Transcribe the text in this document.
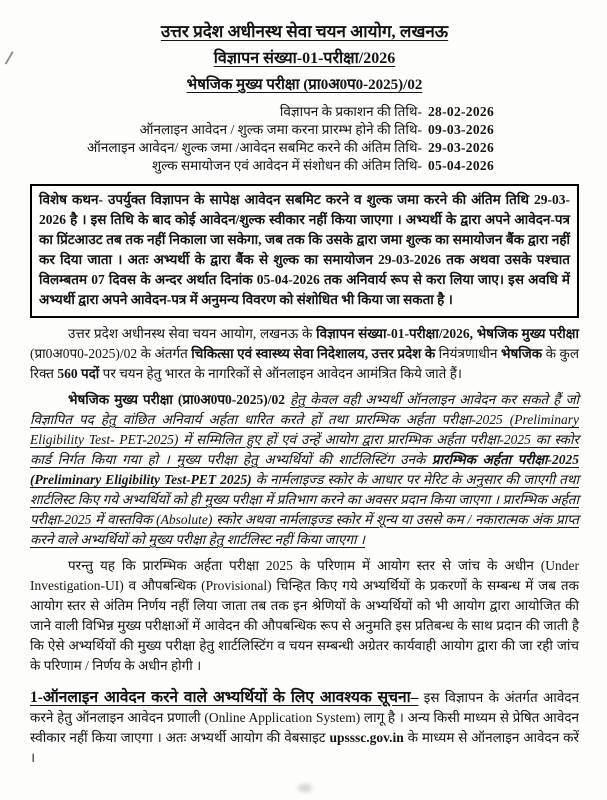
उत्तर प्रदेश अधीनस्थ सेवा चयन आयोग, लखनऊ
विज्ञापन संख्या-01-परीक्षा/2026
भेषजिक मुख्य परीक्षा (प्रा0अ0प0-2025)/02
विज्ञापन के प्रकाशन की तिथि- 28-02-2026
ऑनलाइन आवेदन / शुल्क जमा करना प्रारम्भ होने की तिथि- 09-03-2026
ऑनलाइन आवेदन/ शुल्क जमा /आवेदन सबमिट करने की अंतिम तिथि- 29-03-2026
शुल्क समायोजन एवं आवेदन में संशोधन की अंतिम तिथि- 05-04-2026
विशेष कथन- उपर्युक्त विज्ञापन के सापेक्ष आवेदन सबमिट करने व शुल्क जमा करने की अंतिम तिथि 29-03-2026 है । इस तिथि के बाद कोई आवेदन/शुल्क स्वीकार नहीं किया जाएगा । अभ्यर्थी के द्वारा अपने आवेदन-पत्र का प्रिंटआउट तब तक नहीं निकाला जा सकेगा, जब तक कि उसके द्वारा जमा शुल्क का समायोजन बैंक द्वारा नहीं कर दिया जाता । अतः अभ्यर्थी के द्वारा बैंक से शुल्क का समायोजन 29-03-2026 तक अथवा उसके पश्चात विलम्बतम 07 दिवस के अन्दर अर्थात दिनांक 05-04-2026 तक अनिवार्य रूप से करा लिया जाए। इस अवधि में अभ्यर्थी द्वारा अपने आवेदन-पत्र में अनुमन्य विवरण को संशोधित भी किया जा सकता है ।
उत्तर प्रदेश अधीनस्थ सेवा चयन आयोग, लखनऊ के विज्ञापन संख्या-01-परीक्षा/2026, भेषजिक मुख्य परीक्षा (प्रा0अ0प0-2025)/02 के अंतर्गत चिकित्सा एवं स्वास्थ्य सेवा निदेशालय, उत्तर प्रदेश के नियंत्रणाधीन भेषजिक के कुल रिक्त 560 पदों पर चयन हेतु भारत के नागरिकों से ऑनलाइन आवेदन आमंत्रित किये जाते हैं।
भेषजिक मुख्य परीक्षा (प्रा0अ0प0-2025)/02 हेतु केवल वही अभ्यर्थी ऑनलाइन आवेदन कर सकते हैं जो विज्ञापित पद हेतु वांछित अनिवार्य अर्हता धारित करते हों तथा प्रारम्भिक अर्हता परीक्षा-2025 (Preliminary Eligibility Test- PET-2025) में सम्मिलित हुए हों एवं उन्हें आयोग द्वारा प्रारम्भिक अर्हता परीक्षा-2025 का स्कोर कार्ड निर्गत किया गया हो । मुख्य परीक्षा हेतु अभ्यर्थियों की शार्टलिस्टिंग उनके प्रारम्भिक अर्हता परीक्षा-2025 (Preliminary Eligibility Test-PET 2025) के नार्मलाइज्ड स्कोर के आधार पर मेरिट के अनुसार की जाएगी तथा शार्टलिस्ट किए गये अभ्यर्थियों को ही मुख्य परीक्षा में प्रतिभाग करने का अवसर प्रदान किया जाएगा । प्रारम्भिक अर्हता परीक्षा-2025 में वास्तविक (Absolute) स्कोर अथवा नार्मलाइज्ड स्कोर में शून्य या उससे कम / नकारात्मक अंक प्राप्त करने वाले अभ्यर्थियों को मुख्य परीक्षा हेतु शार्टलिस्ट नहीं किया जाएगा ।
परन्तु यह कि प्रारम्भिक अर्हता परीक्षा 2025 के परिणाम में आयोग स्तर से जांच के अधीन (Under Investigation-UI) व औपबन्धिक (Provisional) चिन्हित किए गये अभ्यर्थियों के प्रकरणों के सम्बन्ध में जब तक आयोग स्तर से अंतिम निर्णय नहीं लिया जाता तब तक इन श्रेणियों के अभ्यर्थियों को भी आयोग द्वारा आयोजित की जाने वाली विभिन्न मुख्य परीक्षाओं में आवेदन की औपबन्धिक रूप से अनुमति इस प्रतिबन्ध के साथ प्रदान की जाती है कि ऐसे अभ्यर्थियों की मुख्य परीक्षा हेतु शार्टलिस्टिंग व चयन सम्बन्धी अग्रेतर कार्यवाही आयोग द्वारा की जा रही जांच के परिणाम / निर्णय के अधीन होगी ।
1-ऑनलाइन आवेदन करने वाले अभ्यर्थियों के लिए आवश्यक सूचना– इस विज्ञापन के अंतर्गत आवेदन करने हेतु ऑनलाइन आवेदन प्रणाली (Online Application System) लागू है । अन्य किसी माध्यम से प्रेषित आवेदन स्वीकार नहीं किया जाएगा । अतः अभ्यर्थी आयोग की वेबसाइट upsssc.gov.in के माध्यम से ऑनलाइन आवेदन करें ।
